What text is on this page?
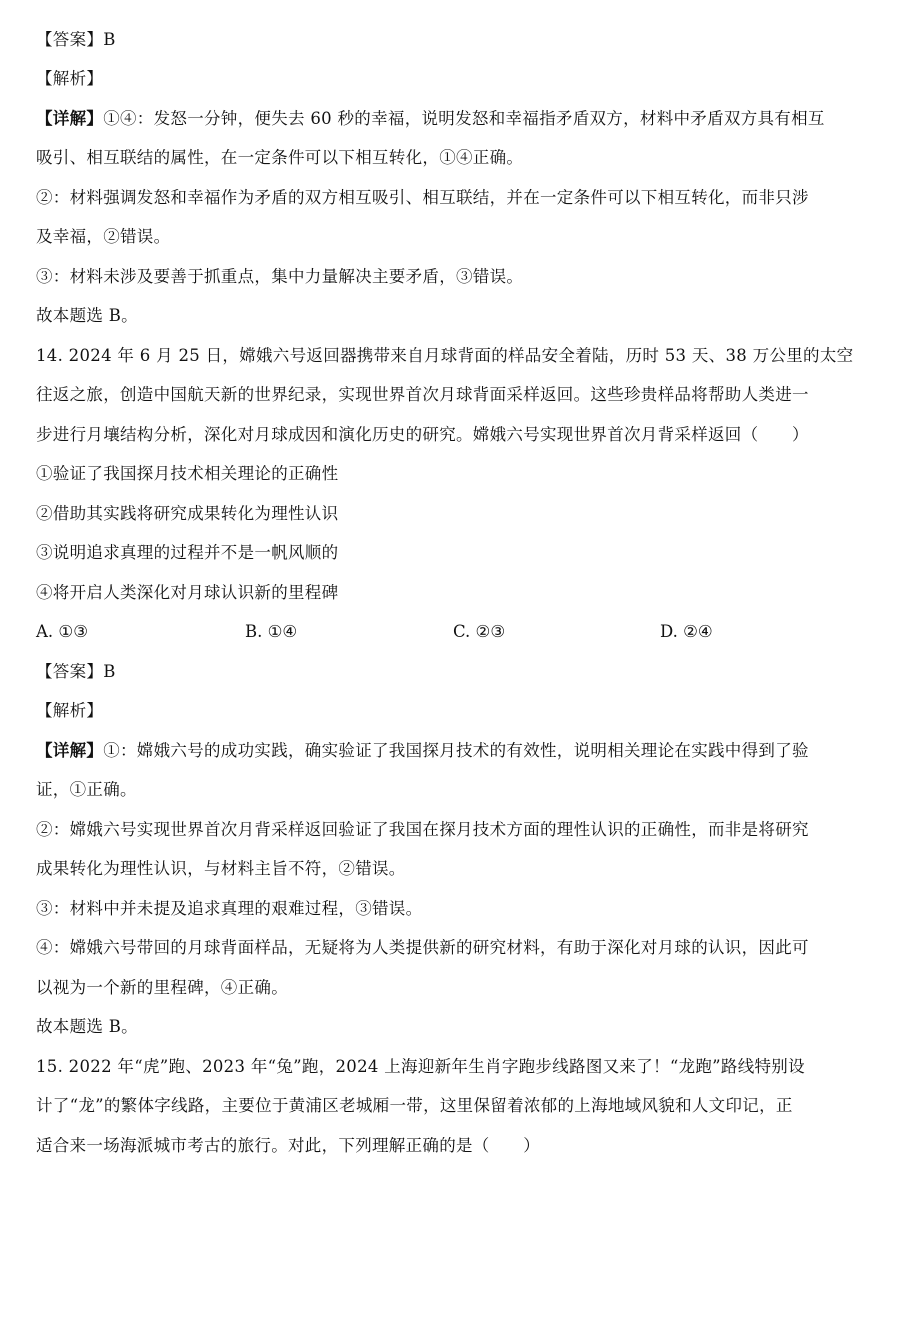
【答案】B
【解析】
【详解】①④：发怒一分钟，便失去 60 秒的幸福，说明发怒和幸福指矛盾双方，材料中矛盾双方具有相互
吸引、相互联结的属性，在一定条件可以下相互转化，①④正确。
②：材料强调发怒和幸福作为矛盾的双方相互吸引、相互联结，并在一定条件可以下相互转化，而非只涉
及幸福，②错误。
③：材料未涉及要善于抓重点，集中力量解决主要矛盾，③错误。
故本题选 B。
14. 2024 年 6 月 25 日，嫦娥六号返回器携带来自月球背面的样品安全着陆，历时 53 天、38 万公里的太空
往返之旅，创造中国航天新的世界纪录，实现世界首次月球背面采样返回。这些珍贵样品将帮助人类进一
步进行月壤结构分析，深化对月球成因和演化历史的研究。嫦娥六号实现世界首次月背采样返回（　　）
①验证了我国探月技术相关理论的正确性
②借助其实践将研究成果转化为理性认识
③说明追求真理的过程并不是一帆风顺的
④将开启人类深化对月球认识新的里程碑
A. ①③	B. ①④	C. ②③	D. ②④
【答案】B
【解析】
【详解】①：嫦娥六号的成功实践，确实验证了我国探月技术的有效性，说明相关理论在实践中得到了验
证，①正确。
②：嫦娥六号实现世界首次月背采样返回验证了我国在探月技术方面的理性认识的正确性，而非是将研究
成果转化为理性认识，与材料主旨不符，②错误。
③：材料中并未提及追求真理的艰难过程，③错误。
④：嫦娥六号带回的月球背面样品，无疑将为人类提供新的研究材料，有助于深化对月球的认识，因此可
以视为一个新的里程碑，④正确。
故本题选 B。
15. 2022 年“虎”跑、2023 年“兔”跑，2024 上海迎新年生肖字跑步线路图又来了！“龙跑”路线特别设
计了“龙”的繁体字线路，主要位于黄浦区老城厢一带，这里保留着浓郁的上海地域风貌和人文印记，正
适合来一场海派城市考古的旅行。对此，下列理解正确的是（　　）
